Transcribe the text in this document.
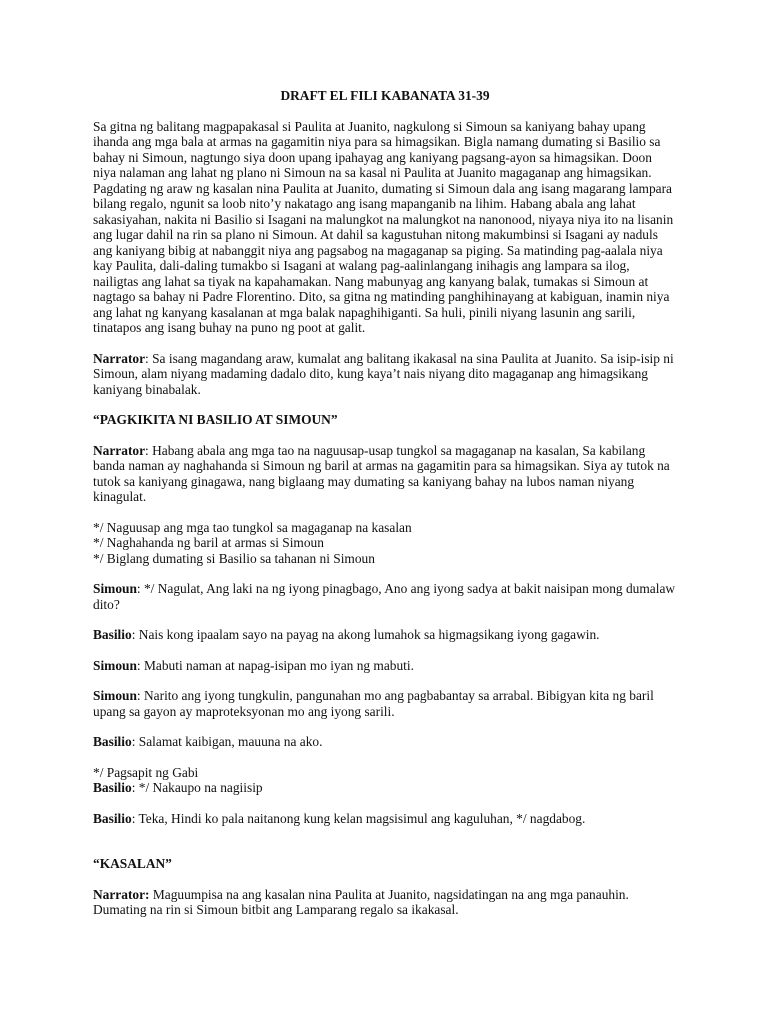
DRAFT EL FILI KABANATA 31-39

Sa gitna ng balitang magpapakasal si Paulita at Juanito, nagkulong si Simoun sa kaniyang bahay upang ihanda ang mga bala at armas na gagamitin niya para sa himagsikan. Bigla namang dumating si Basilio sa bahay ni Simoun, nagtungo siya doon upang ipahayag ang kaniyang pagsang-ayon sa himagsikan. Doon niya nalaman ang lahat ng plano ni Simoun na sa kasal ni Paulita at Juanito magaganap ang himagsikan. Pagdating ng araw ng kasalan nina Paulita at Juanito, dumating si Simoun dala ang isang magarang lampara bilang regalo, ngunit sa loob nito’y nakatago ang isang mapanganib na lihim. Habang abala ang lahat sakasiyahan, nakita ni Basilio si Isagani na malungkot na malungkot na nanonood, niyaya niya ito na lisanin ang lugar dahil na rin sa plano ni Simoun. At dahil sa kagustuhan nitong makumbinsi si Isagani ay naduls ang kaniyang bibig at nabanggit niya ang pagsabog na magaganap sa piging. Sa matinding pag-aalala niya kay Paulita, dali-daling tumakbo si Isagani at walang pag-aalinlangang inihagis ang lampara sa ilog, nailigtas ang lahat sa tiyak na kapahamakan. Nang mabunyag ang kanyang balak, tumakas si Simoun at nagtago sa bahay ni Padre Florentino. Dito, sa gitna ng matinding panghihinayang at kabiguan, inamin niya ang lahat ng kanyang kasalanan at mga balak napaghihiganti. Sa huli, pinili niyang lasunin ang sarili, tinatapos ang isang buhay na puno ng poot at galit.

Narrator: Sa isang magandang araw, kumalat ang balitang ikakasal na sina Paulita at Juanito. Sa isip-isip ni Simoun, alam niyang madaming dadalo dito, kung kaya’t nais niyang dito magaganap ang himagsikang kaniyang binabalak.

“PAGKIKITA NI BASILIO AT SIMOUN”

Narrator: Habang abala ang mga tao na naguusap-usap tungkol sa magaganap na kasalan, Sa kabilang banda naman ay naghahanda si Simoun ng baril at armas na gagamitin para sa himagsikan. Siya ay tutok na tutok sa kaniyang ginagawa, nang biglaang may dumating sa kaniyang bahay na lubos naman niyang kinagulat.

*/ Naguusap ang mga tao tungkol sa magaganap na kasalan
*/ Naghahanda ng baril at armas si Simoun
*/ Biglang dumating si Basilio sa tahanan ni Simoun

Simoun: */ Nagulat, Ang laki na ng iyong pinagbago, Ano ang iyong sadya at bakit naisipan mong dumalaw dito?

Basilio: Nais kong ipaalam sayo na payag na akong lumahok sa higmagsikang iyong gagawin.

Simoun: Mabuti naman at napag-isipan mo iyan ng mabuti.

Simoun: Narito ang iyong tungkulin, pangunahan mo ang pagbabantay sa arrabal. Bibigyan kita ng baril upang sa gayon ay maproteksyonan mo ang iyong sarili.

Basilio: Salamat kaibigan, mauuna na ako.

*/ Pagsapit ng Gabi
Basilio: */ Nakaupo na nagiisip

Basilio: Teka, Hindi ko pala naitanong kung kelan magsisimul ang kaguluhan, */ nagdabog.

“KASALAN”

Narrator: Maguumpisa na ang kasalan nina Paulita at Juanito, nagsidatingan na ang mga panauhin. Dumating na rin si Simoun bitbit ang Lamparang regalo sa ikakasal.
